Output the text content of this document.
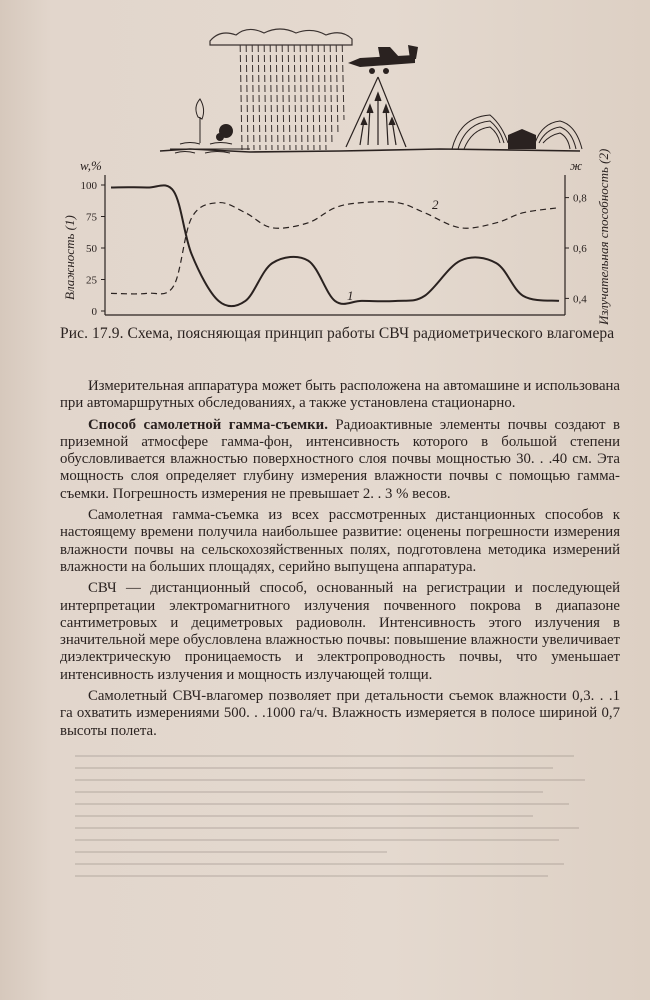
100
75
50
25
0
0,8
0,6
0,4
w,%	ж
Влажность (1)	Излучательная способность (2)
1
2
Рис. 17.9. Схема, поясняющая принцип работы СВЧ радиометрического влагомера

Измерительная аппаратура может быть расположена на автомашине и использована при автомаршрутных обследованиях, а также установлена стационарно.

Способ самолетной гамма-съемки. Радиоактивные элементы почвы создают в приземной атмосфере гамма-фон, интенсивность которого в большой степени обусловливается влажностью поверхностного слоя почвы мощностью 30. . .40 см. Эта мощность слоя определяет глубину измерения влажности почвы с помощью гамма-съемки. Погрешность измерения не превышает 2. . 3 % весов.

Самолетная гамма-съемка из всех рассмотренных дистанционных способов к настоящему времени получила наибольшее развитие: оценены погрешности измерения влажности почвы на сельскохозяйственных полях, подготовлена методика измерений влажности на больших площадях, серийно выпущена аппаратура.

СВЧ — дистанционный способ, основанный на регистрации и последующей интерпретации электромагнитного излучения почвенного покрова в диапазоне сантиметровых и дециметровых радиоволн. Интенсивность этого излучения в значительной мере обусловлена влажностью почвы: повышение влажности увеличивает диэлектрическую проницаемость и электропроводность почвы, что уменьшает интенсивность излучения и мощность излучающей толщи.

Самолетный СВЧ-влагомер позволяет при детальности съемок влажности 0,3. . .1 га охватить измерениями 500. . .1000 га/ч. Влажность измеряется в полосе шириной 0,7 высоты полета.
